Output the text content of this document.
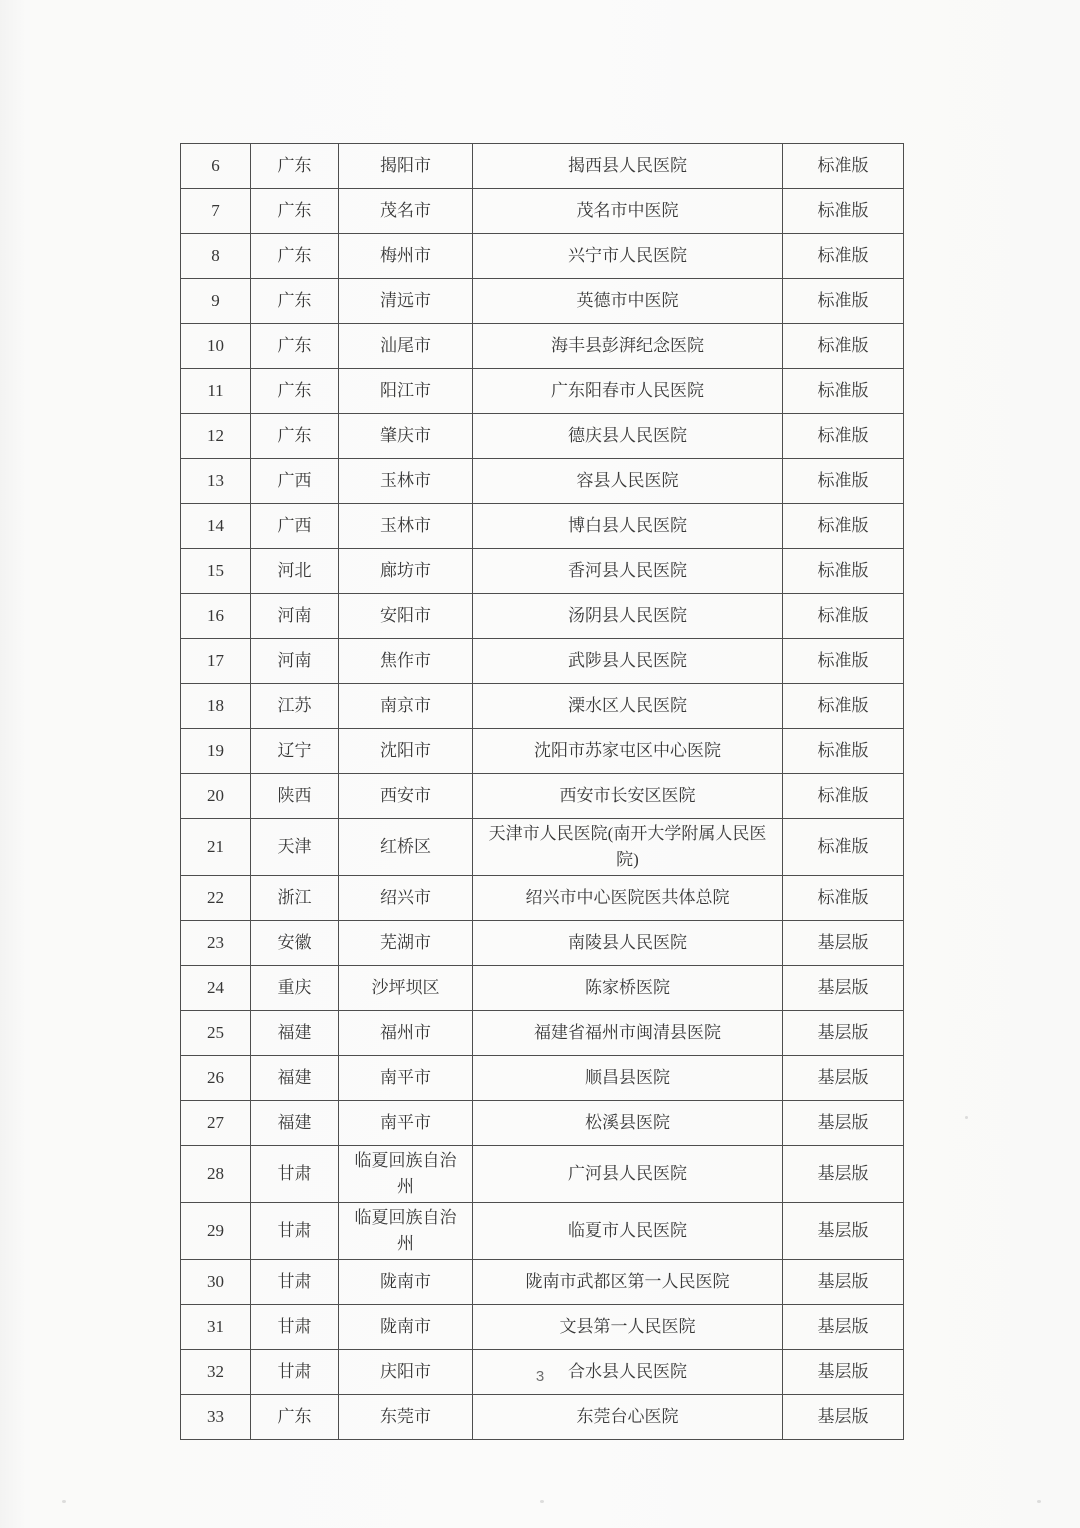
6	广东	揭阳市	揭西县人民医院	标准版
7	广东	茂名市	茂名市中医院	标准版
8	广东	梅州市	兴宁市人民医院	标准版
9	广东	清远市	英德市中医院	标准版
10	广东	汕尾市	海丰县彭湃纪念医院	标准版
11	广东	阳江市	广东阳春市人民医院	标准版
12	广东	肇庆市	德庆县人民医院	标准版
13	广西	玉林市	容县人民医院	标准版
14	广西	玉林市	博白县人民医院	标准版
15	河北	廊坊市	香河县人民医院	标准版
16	河南	安阳市	汤阴县人民医院	标准版
17	河南	焦作市	武陟县人民医院	标准版
18	江苏	南京市	溧水区人民医院	标准版
19	辽宁	沈阳市	沈阳市苏家屯区中心医院	标准版
20	陕西	西安市	西安市长安区医院	标准版
21	天津	红桥区	天津市人民医院(南开大学附属人民医院)	标准版
22	浙江	绍兴市	绍兴市中心医院医共体总院	标准版
23	安徽	芜湖市	南陵县人民医院	基层版
24	重庆	沙坪坝区	陈家桥医院	基层版
25	福建	福州市	福建省福州市闽清县医院	基层版
26	福建	南平市	顺昌县医院	基层版
27	福建	南平市	松溪县医院	基层版
28	甘肃	临夏回族自治州	广河县人民医院	基层版
29	甘肃	临夏回族自治州	临夏市人民医院	基层版
30	甘肃	陇南市	陇南市武都区第一人民医院	基层版
31	甘肃	陇南市	文县第一人民医院	基层版
32	甘肃	庆阳市	合水县人民医院	基层版
33	广东	东莞市	东莞台心医院	基层版
3
